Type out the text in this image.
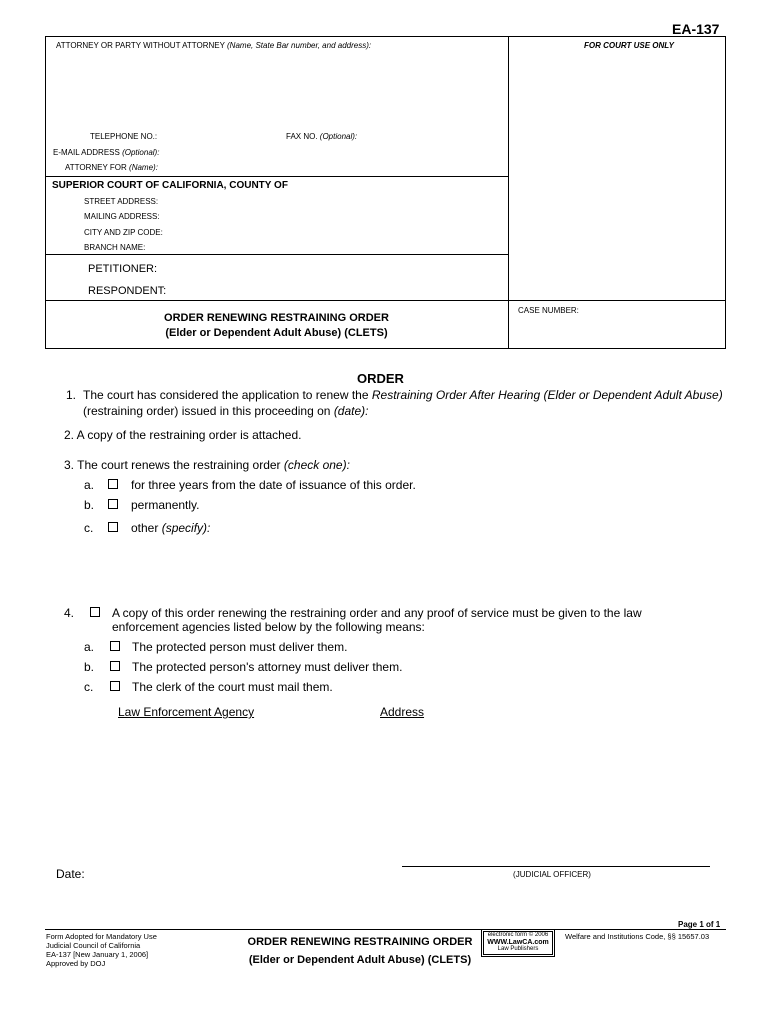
EA-137
ATTORNEY OR PARTY WITHOUT ATTORNEY (Name, State Bar number, and address):	FOR COURT USE ONLY
TELEPHONE NO.:	FAX NO. (Optional):
E-MAIL ADDRESS (Optional):
ATTORNEY FOR (Name):
SUPERIOR COURT OF CALIFORNIA, COUNTY OF
STREET ADDRESS:
MAILING ADDRESS:
CITY AND ZIP CODE:
BRANCH NAME:
PETITIONER:
RESPONDENT:
ORDER RENEWING RESTRAINING ORDER
(Elder or Dependent Adult Abuse) (CLETS)
CASE NUMBER:
ORDER
1. The court has considered the application to renew the Restraining Order After Hearing (Elder or Dependent Adult Abuse)
(restraining order) issued in this proceeding on (date):
2. A copy of the restraining order is attached.
3. The court renews the restraining order (check one):
a.	for three years from the date of issuance of this order.
b.	permanently.
c.	other (specify):
4.	A copy of this order renewing the restraining order and any proof of service must be given to the law
enforcement agencies listed below by the following means:
a.	The protected person must deliver them.
b.	The protected person's attorney must deliver them.
c.	The clerk of the court must mail them.
Law Enforcement Agency	Address
Date:	(JUDICIAL OFFICER)
Page 1 of 1
Form Adopted for Mandatory Use
Judicial Council of California
EA-137 [New January 1, 2006]
Approved by DOJ
ORDER RENEWING RESTRAINING ORDER
(Elder or Dependent Adult Abuse) (CLETS)
electronic form © 2006
WWW.LawCA.com
Law Publishers
Welfare and Institutions Code, §§ 15657.03
